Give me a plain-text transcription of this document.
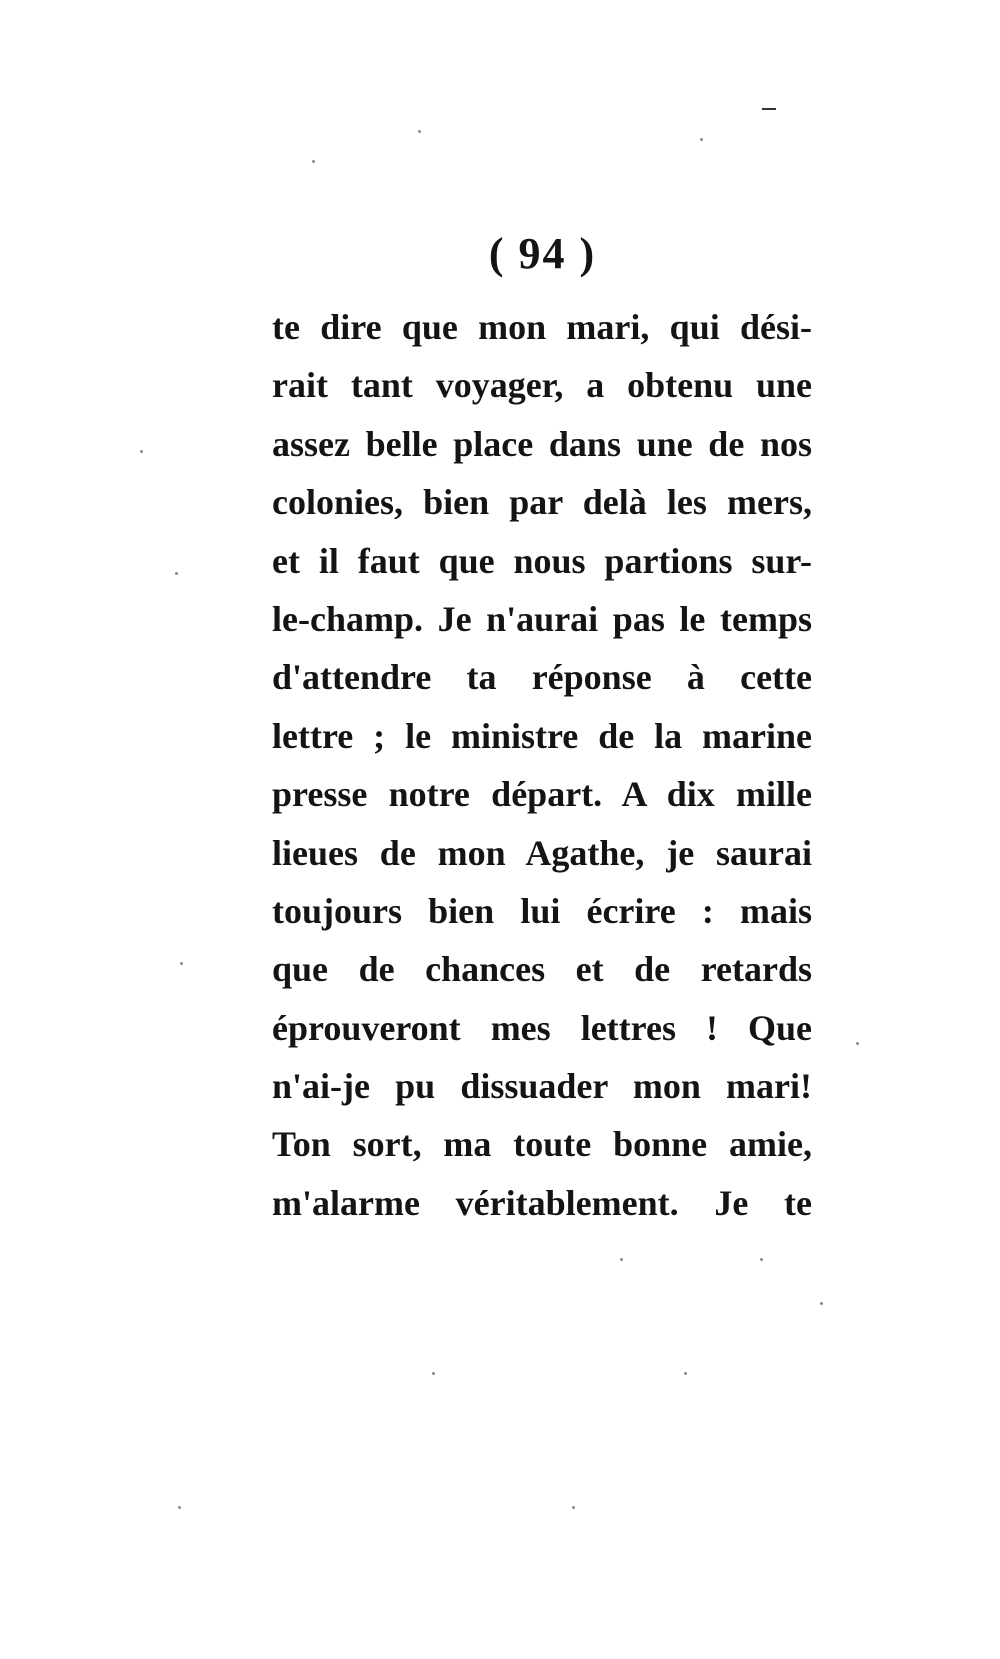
( 94 )
te dire que mon mari, qui dési-
rait tant voyager, a obtenu une
assez belle place dans une de nos
colonies, bien par delà les mers,
et il faut que nous partions sur-
le-champ. Je n'aurai pas le temps
d'attendre ta réponse à cette
lettre ; le ministre de la marine
presse notre départ. A dix mille
lieues de mon Agathe, je saurai
toujours bien lui écrire : mais
que de chances et de retards
éprouveront mes lettres ! Que
n'ai-je pu dissuader mon mari!
Ton sort, ma toute bonne amie,
m'alarme véritablement. Je te
